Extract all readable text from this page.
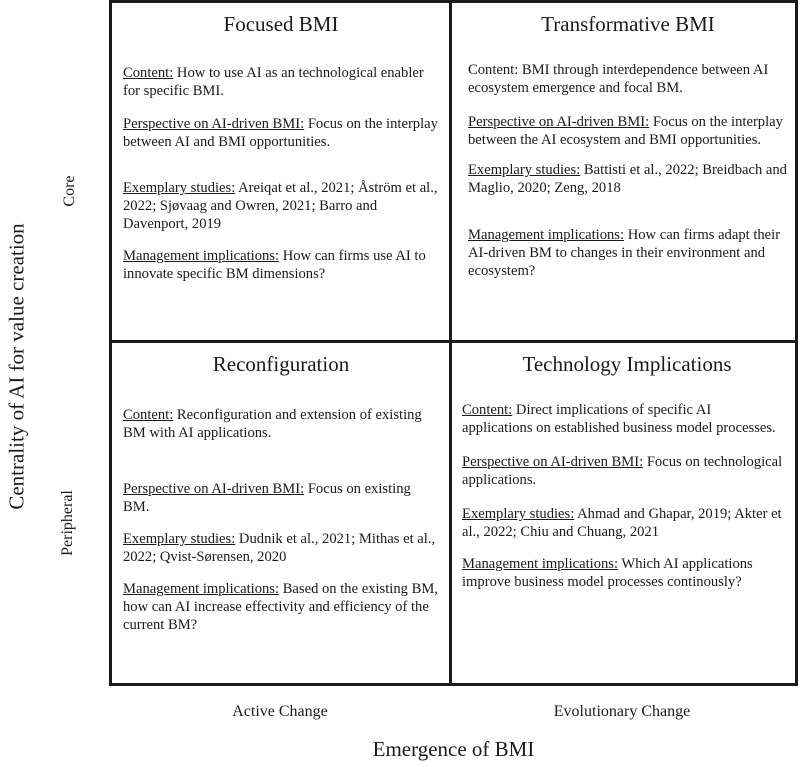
Centrality of AI for value creation
Core
Peripheral
Focused BMI

Content: How to use AI as an technological enabler for specific BMI.

Perspective on AI-driven BMI: Focus on the interplay between AI and BMI opportunities.

Exemplary studies: Areiqat et al., 2021; Åström et al., 2022; Sjøvaag and Owren, 2021; Barro and Davenport, 2019

Management implications: How can firms use AI to innovate specific BM dimensions?

Transformative BMI

Content: BMI through interdependence between AI ecosystem emergence and focal BM.

Perspective on AI-driven BMI: Focus on the interplay between the AI ecosystem and BMI opportunities.

Exemplary studies: Battisti et al., 2022; Breidbach and Maglio, 2020; Zeng, 2018

Management implications: How can firms adapt their AI-driven BM to changes in their environment and ecosystem?

Reconfiguration

Content: Reconfiguration and extension of existing BM with AI applications.

Perspective on AI-driven BMI: Focus on existing BM.

Exemplary studies: Dudnik et al., 2021; Mithas et al., 2022; Qvist-Sørensen, 2020

Management implications: Based on the existing BM, how can AI increase effectivity and efficiency of the current BM?

Technology Implications

Content: Direct implications of specific AI applications on established business model processes.

Perspective on AI-driven BMI: Focus on technological applications.

Exemplary studies: Ahmad and Ghapar, 2019; Akter et al., 2022; Chiu and Chuang, 2021

Management implications: Which AI applications improve business model processes continously?

Active Change	Evolutionary Change
Emergence of BMI
